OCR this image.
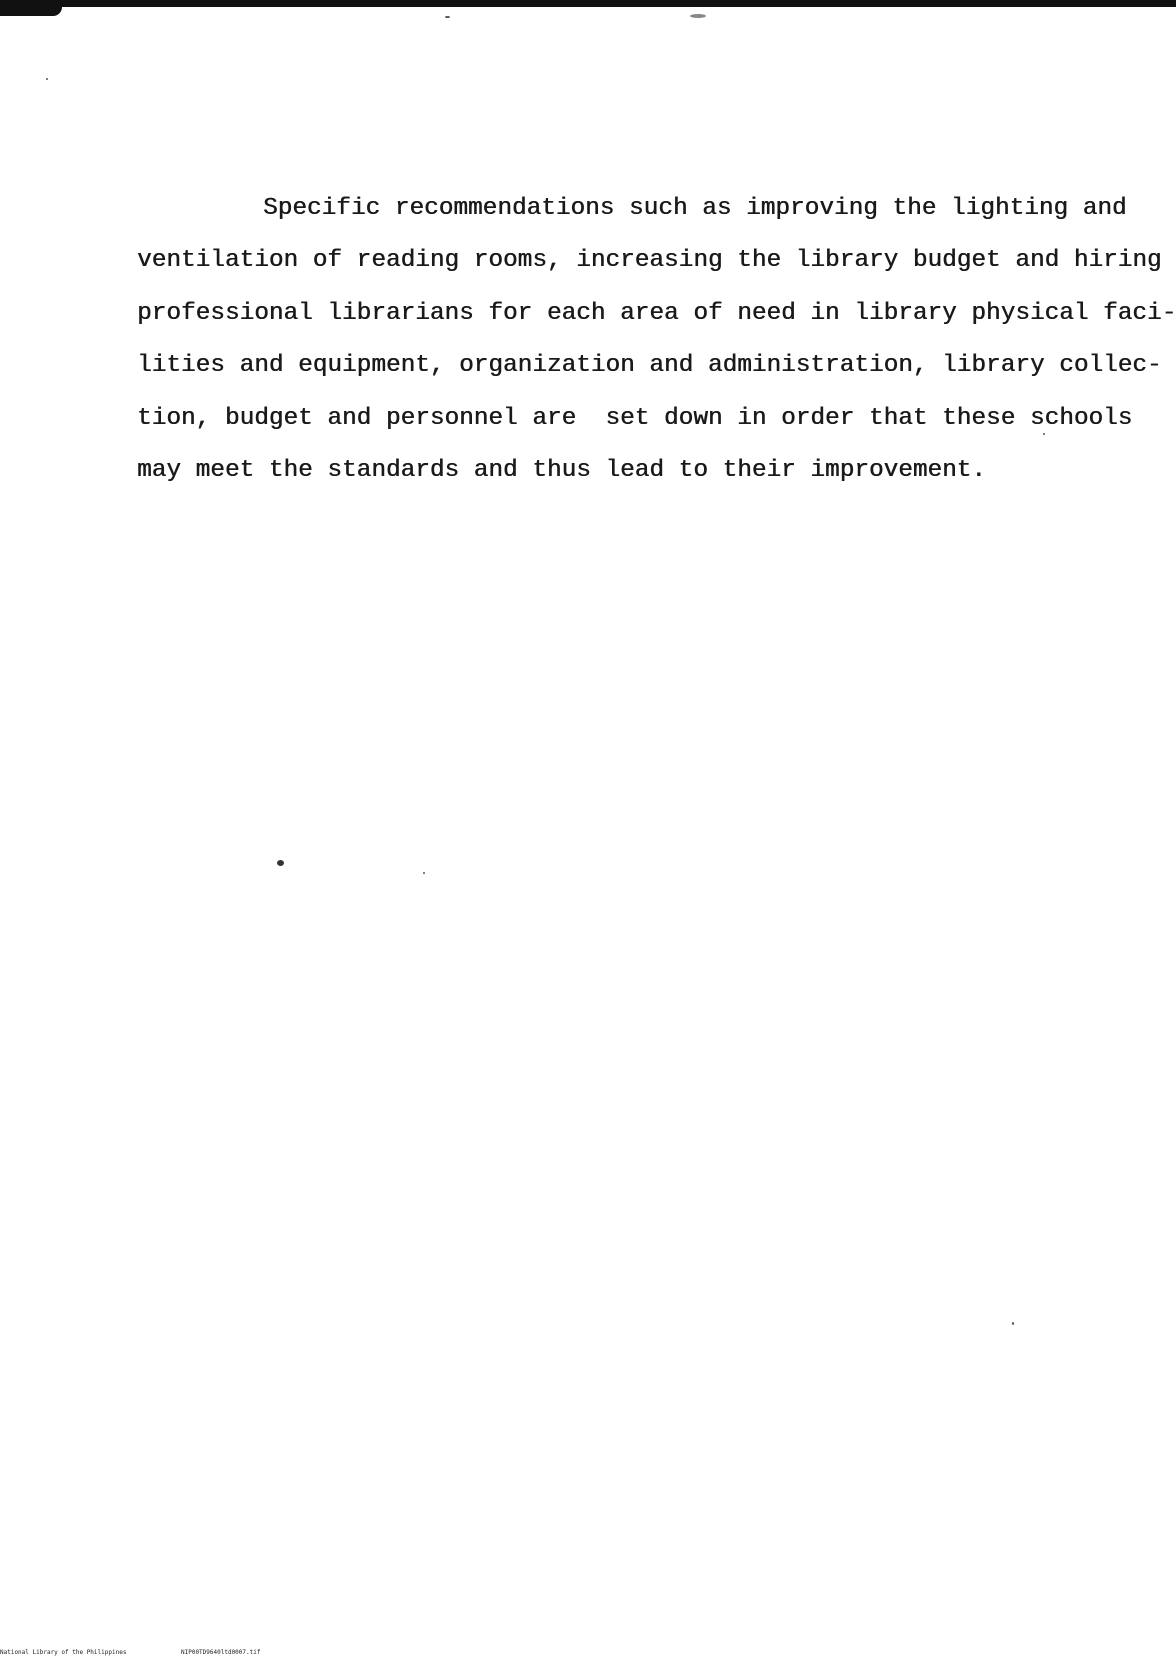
Specific recommendations such as improving the lighting and
ventilation of reading rooms, increasing the library budget and hiring
professional librarians for each area of need in library physical faci-
lities and equipment, organization and administration, library collec-
tion, budget and personnel are  set down in order that these schools
may meet the standards and thus lead to their improvement.

National Library of the Philippines	NIP00TD9640ltd0007.tif
